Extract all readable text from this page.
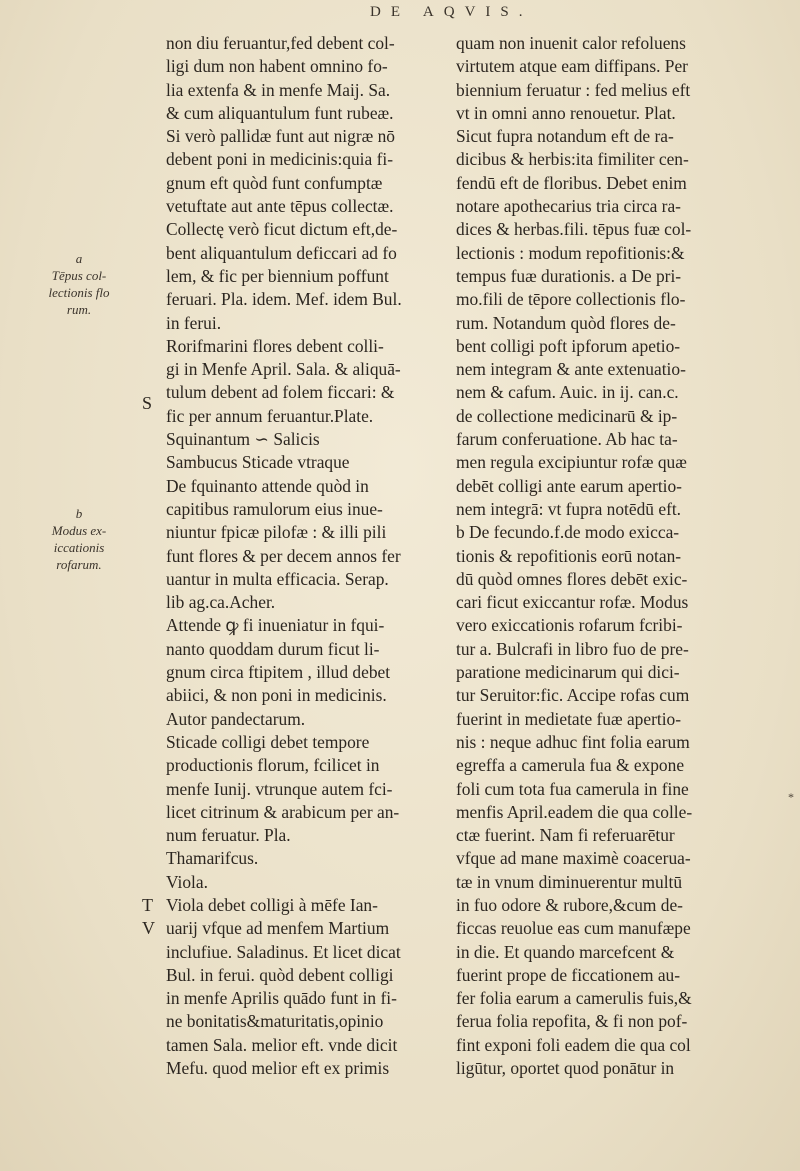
DE AQVIS.
a
Tēpus col-
lectionis flo
rum.
b
Modus ex-
iccationis
rofarum.
S
T
V
non diu feruantur,fed debent col-
ligi dum non habent omnino fo-
lia extenfa & in menfe Maij. Sa.
& cum aliquantulum funt rubeæ.
Si verò pallidæ funt aut nigræ nō
debent poni in medicinis:quia fi-
gnum eft quòd funt confumptæ
vetuftate aut ante tēpus collectæ.
Collectę verò ficut dictum eft,de-
bent aliquantulum deficcari ad fo
lem, & fic per biennium poffunt
feruari. Pla. idem. Mef. idem Bul.
in ferui.
Rorifmarini flores debent colli-
gi in Menfe April. Sala. & aliquā-
tulum debent ad folem ficcari: &
fic per annum feruantur.Plate.
Squinantum ∽ Salicis
Sambucus Sticade vtraque
De fquinanto attende quòd in
capitibus ramulorum eius inue-
niuntur fpicæ pilofæ : & illi pili
funt flores & per decem annos fer
uantur in multa efficacia. Serap.
lib ag.ca.Acher.
Attende ꝙ fi inueniatur in fqui-
nanto quoddam durum ficut li-
gnum circa ftipitem , illud debet
abiici, & non poni in medicinis.
Autor pandectarum.
Sticade colligi debet tempore
productionis florum, fcilicet in
menfe Iunij. vtrunque autem fci-
licet citrinum & arabicum per an-
num feruatur. Pla.
Thamarifcus.
Viola.
Viola debet colligi à mēfe Ian-
uarij vfque ad menfem Martium
inclufiue. Saladinus. Et licet dicat
Bul. in ferui. quòd debent colligi
in menfe Aprilis quādo funt in fi-
ne bonitatis&maturitatis,opinio
tamen Sala. melior eft. vnde dicit
Mefu. quod melior eft ex primis
quam non inuenit calor refoluens
virtutem atque eam diffipans. Per
biennium feruatur : fed melius eft
vt in omni anno renouetur. Plat.
Sicut fupra notandum eft de ra-
dicibus & herbis:ita fimiliter cen-
fendū eft de floribus. Debet enim
notare apothecarius tria circa ra-
dices & herbas.fili. tēpus fuæ col-
lectionis : modum repofitionis:&
tempus fuæ durationis. a De pri-
mo.fili de tēpore collectionis flo-
rum. Notandum quòd flores de-
bent colligi poft ipforum apetio-
nem integram & ante extenuatio-
nem & cafum. Auic. in ij. can.c.
de collectione medicinarū & ip-
farum conferuatione. Ab hac ta-
men regula excipiuntur rofæ quæ
debēt colligi ante earum apertio-
nem integrā: vt fupra notēdū eft.
b De fecundo.f.de modo exicca-
tionis & repofitionis eorū notan-
dū quòd omnes flores debēt exic-
cari ficut exiccantur rofæ. Modus
vero exiccationis rofarum fcribi-
tur a. Bulcrafi in libro fuo de pre-
paratione medicinarum qui dici-
tur Seruitor:fic. Accipe rofas cum
fuerint in medietate fuæ apertio-
nis : neque adhuc fint folia earum
egreffa a camerula fua & expone
foli cum tota fua camerula in fine
menfis April.eadem die qua colle-
ctæ fuerint. Nam fi referuarētur
vfque ad mane maximè coacerua-
tæ in vnum diminuerentur multū
in fuo odore & rubore,&cum de-
ficcas reuolue eas cum manufæpe
in die. Et quando marcefcent &
fuerint prope de ficcationem au-
fer folia earum a camerulis fuis,&
ferua folia repofita, & fi non pof-
fint exponi foli eadem die qua col
ligūtur, oportet quod ponātur in
*
